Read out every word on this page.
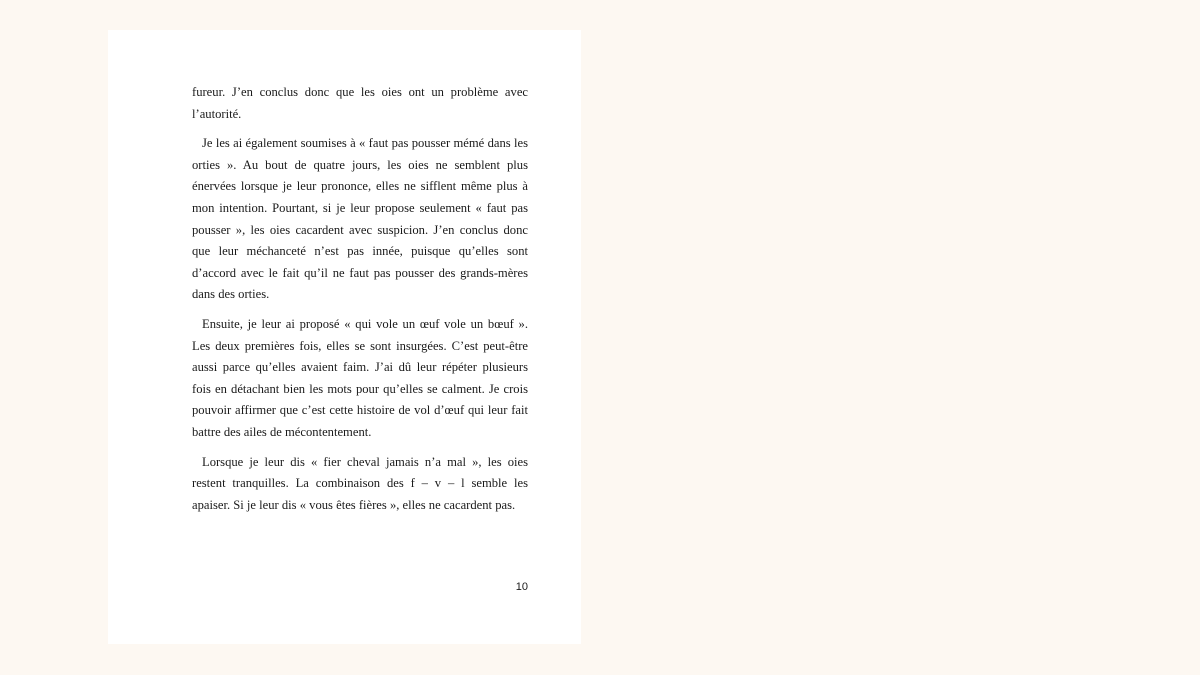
fureur. J’en conclus donc que les oies ont un problème avec l’autorité.

Je les ai également soumises à « faut pas pousser mémé dans les orties ». Au bout de quatre jours, les oies ne semblent plus énervées lorsque je leur prononce, elles ne sifflent même plus à mon intention. Pourtant, si je leur propose seulement « faut pas pousser », les oies cacardent avec suspicion. J’en conclus donc que leur méchanceté n’est pas innée, puisque qu’elles sont d’accord avec le fait qu’il ne faut pas pousser des grands-mères dans des orties.

Ensuite, je leur ai proposé « qui vole un œuf vole un bœuf ». Les deux premières fois, elles se sont insurgées. C’est peut-être aussi parce qu’elles avaient faim. J’ai dû leur répéter plusieurs fois en détachant bien les mots pour qu’elles se calment. Je crois pouvoir affirmer que c’est cette histoire de vol d’œuf qui leur fait battre des ailes de mécontentement.

Lorsque je leur dis « fier cheval jamais n’a mal », les oies restent tranquilles. La combinaison des f – v – l semble les apaiser. Si je leur dis « vous êtes fières », elles ne cacardent pas.

10
